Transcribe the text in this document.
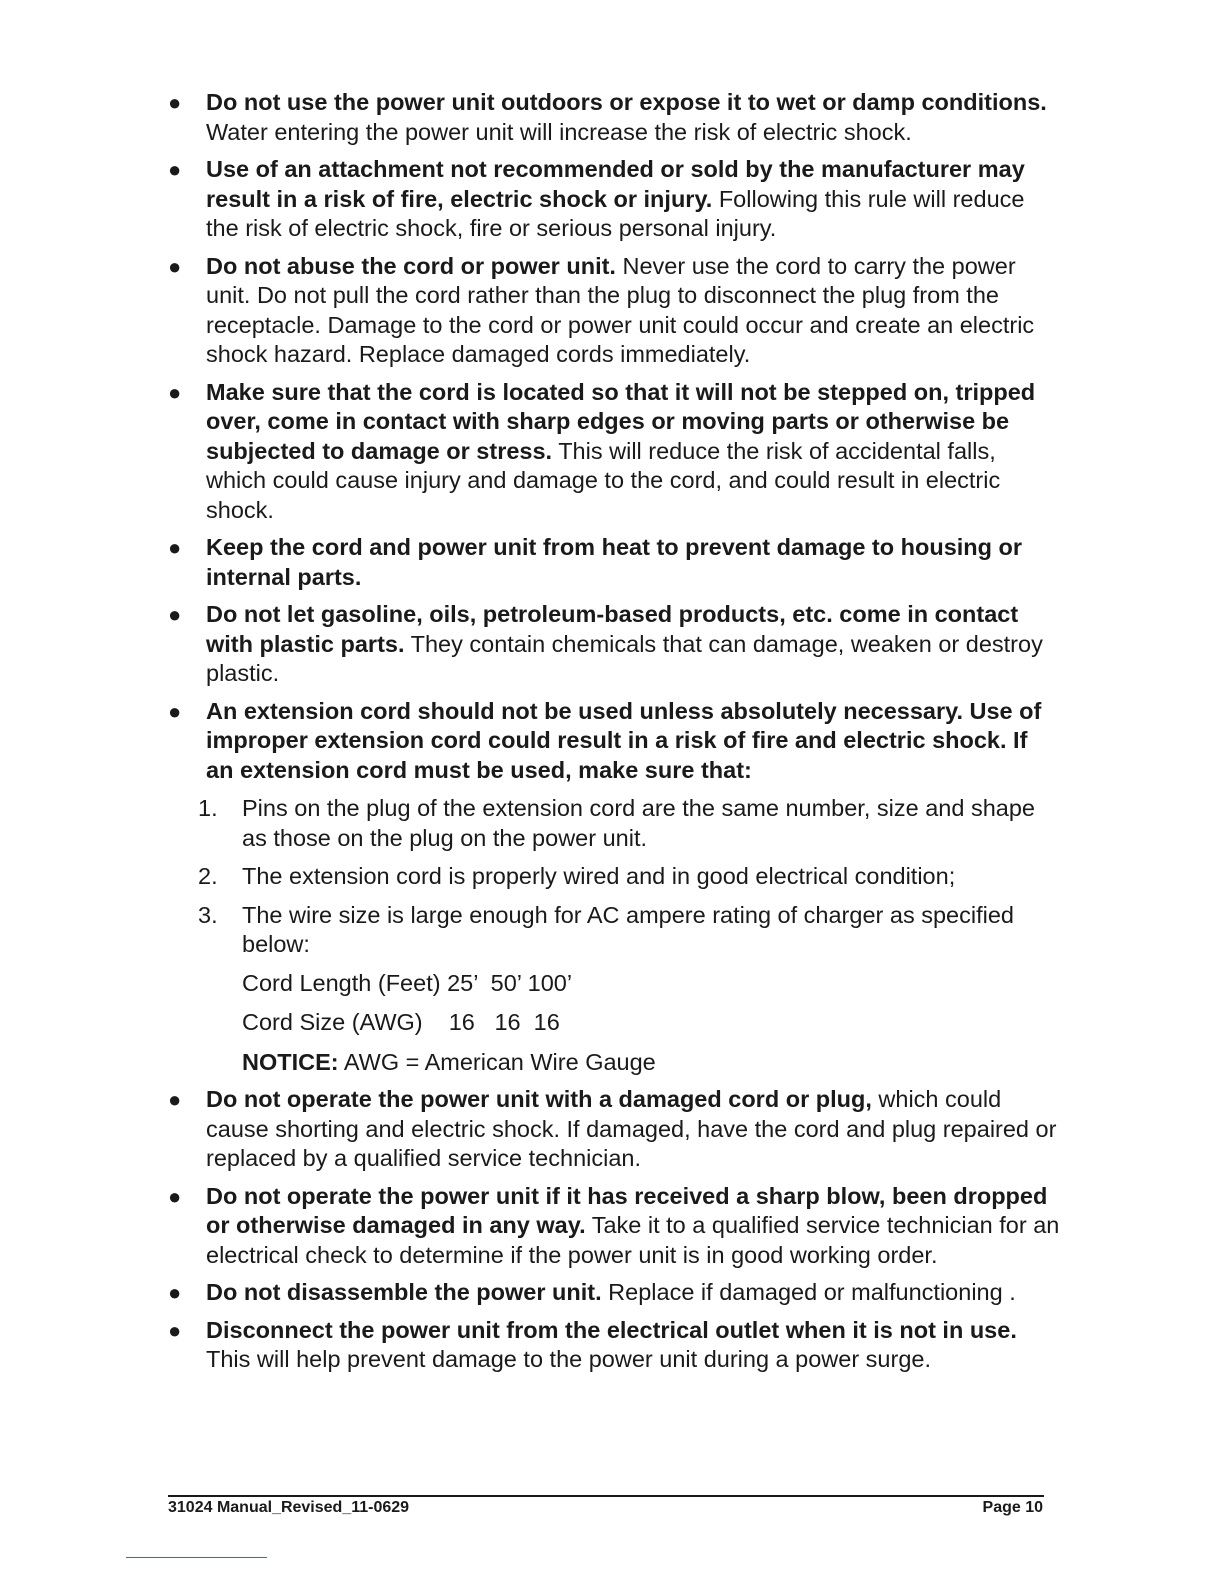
● Do not use the power unit outdoors or expose it to wet or damp conditions. Water entering the power unit will increase the risk of electric shock.
● Use of an attachment not recommended or sold by the manufacturer may result in a risk of fire, electric shock or injury. Following this rule will reduce the risk of electric shock, fire or serious personal injury.
● Do not abuse the cord or power unit. Never use the cord to carry the power unit. Do not pull the cord rather than the plug to disconnect the plug from the receptacle. Damage to the cord or power unit could occur and create an electric shock hazard. Replace damaged cords immediately.
● Make sure that the cord is located so that it will not be stepped on, tripped over, come in contact with sharp edges or moving parts or otherwise be subjected to damage or stress. This will reduce the risk of accidental falls, which could cause injury and damage to the cord, and could result in electric shock.
● Keep the cord and power unit from heat to prevent damage to housing or internal parts.
● Do not let gasoline, oils, petroleum-based products, etc. come in contact with plastic parts. They contain chemicals that can damage, weaken or destroy plastic.
● An extension cord should not be used unless absolutely necessary. Use of improper extension cord could result in a risk of fire and electric shock. If an extension cord must be used, make sure that:
1. Pins on the plug of the extension cord are the same number, size and shape as those on the plug on the power unit.
2. The extension cord is properly wired and in good electrical condition;
3. The wire size is large enough for AC ampere rating of charger as specified below:
Cord Length (Feet) 25’  50’ 100’
Cord Size (AWG)    16   16  16
NOTICE: AWG = American Wire Gauge
● Do not operate the power unit with a damaged cord or plug, which could cause shorting and electric shock. If damaged, have the cord and plug repaired or replaced by a qualified service technician.
● Do not operate the power unit if it has received a sharp blow, been dropped or otherwise damaged in any way. Take it to a qualified service technician for an electrical check to determine if the power unit is in good working order.
● Do not disassemble the power unit. Replace if damaged or malfunctioning .
● Disconnect the power unit from the electrical outlet when it is not in use. This will help prevent damage to the power unit during a power surge.
31024 Manual_Revised_11-0629	Page 10
